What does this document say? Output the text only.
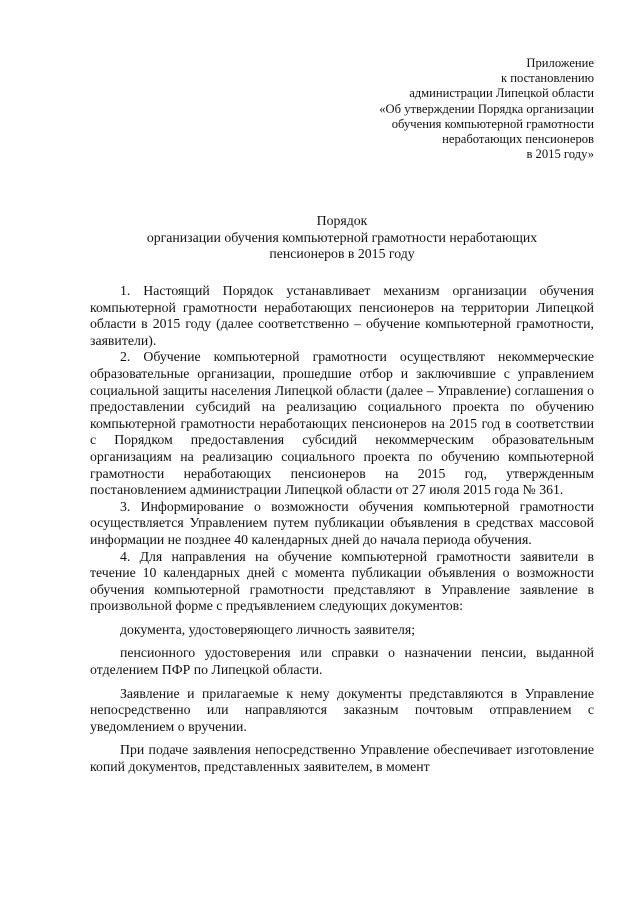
Приложение
к постановлению
администрации Липецкой области
«Об утверждении Порядка организации
обучения компьютерной грамотности
неработающих пенсионеров
в 2015 году»
Порядок
организации обучения компьютерной грамотности неработающих
пенсионеров в 2015 году

1. Настоящий Порядок устанавливает механизм организации обучения компьютерной грамотности неработающих пенсионеров на территории Липецкой области в 2015 году (далее соответственно – обучение компьютерной грамотности, заявители).

2. Обучение компьютерной грамотности осуществляют некоммерческие образовательные организации, прошедшие отбор и заключившие с управлением социальной защиты населения Липецкой области (далее – Управление) соглашения о предоставлении субсидий на реализацию социального проекта по обучению компьютерной грамотности неработающих пенсионеров на 2015 год в соответствии с Порядком предоставления субсидий некоммерческим образовательным организациям на реализацию социального проекта по обучению компьютерной грамотности неработающих пенсионеров на 2015 год, утвержденным постановлением администрации Липецкой области от 27 июля 2015 года № 361.

3. Информирование о возможности обучения компьютерной грамотности осуществляется Управлением путем публикации объявления в средствах массовой информации не позднее 40 календарных дней до начала периода обучения.

4. Для направления на обучение компьютерной грамотности заявители в течение 10 календарных дней с момента публикации объявления о возможности обучения компьютерной грамотности представляют в Управление заявление в произвольной форме с предъявлением следующих документов:

документа, удостоверяющего личность заявителя;

пенсионного удостоверения или справки о назначении пенсии, выданной отделением ПФР по Липецкой области.

Заявление и прилагаемые к нему документы представляются в Управление непосредственно или направляются заказным почтовым отправлением с уведомлением о вручении.

При подаче заявления непосредственно Управление обеспечивает изготовление копий документов, представленных заявителем, в момент
